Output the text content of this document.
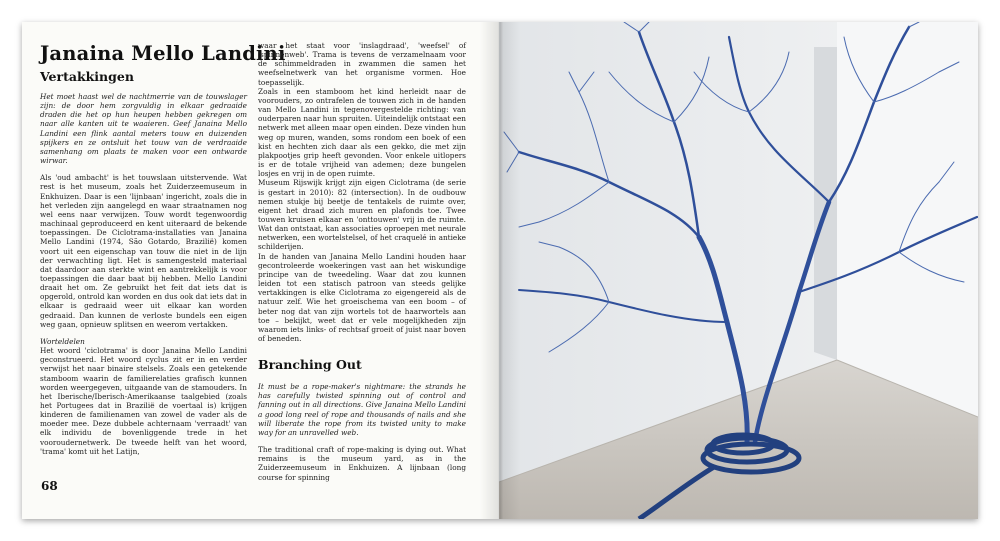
Janaina Mello Landini
Vertakkingen

Het moet haast wel de nachtmerrie van de touwslager zijn: de door hem zorgvuldig in elkaar gedraaide draden die het op hun heupen hebben gekregen om naar alle kanten uit te waaieren. Geef Janaina Mello Landini een flink aantal meters touw en duizenden spijkers en ze ontsluit het touw van de verdraaide samenhang om plaats te maken voor een ontwarde wirwar.

Als 'oud ambacht' is het touwslaan uitstervende. Wat rest is het museum, zoals het Zuiderzeemuseum in Enkhuizen. Daar is een 'lijnbaan' ingericht, zoals die in het verleden zijn aangelegd en waar straatnamen nog wel eens naar verwijzen. Touw wordt tegenwoordig machinaal geproduceerd en kent uiteraard de bekende toepassingen. De Ciclotrama-installaties van Janaina Mello Landini (1974, São Gotardo, Brazilië) komen voort uit een eigenschap van touw die niet in de lijn der verwachting ligt. Het is samengesteld materiaal dat daardoor aan sterkte wint en aantrekkelijk is voor toepassingen die daar baat bij hebben. Mello Landini draait het om. Ze gebruikt het feit dat iets dat is opgerold, ontrold kan worden en dus ook dat iets dat in elkaar is gedraaid weer uit elkaar kan worden gedraaid. Dan kunnen de verloste bundels een eigen weg gaan, opnieuw splitsen en weerom vertakken.

Worteldelen

Het woord 'ciclotrama' is door Janaina Mello Landini geconstrueerd. Het woord cyclus zit er in en verder verwijst het naar binaire stelsels. Zoals een getekende stamboom waarin de familierelaties grafisch kunnen worden weergegeven, uitgaande van de stamouders. In het Iberische/Iberisch-Amerikaanse taalgebied (zoals het Portugees dat in Brazilië de voertaal is) krijgen kinderen de familienamen van zowel de vader als de moeder mee. Deze dubbele achternaam 'verraadt' van elk individu de bovenliggende trede in het vooroudernetwerk. De tweede helft van het woord, 'trama' komt uit het Latijn,

waar het staat voor 'inslagdraad', 'weefsel' of 'spinnenweb'. Trama is tevens de verzamelnaam voor de schimmeldraden in zwammen die samen het weefselnetwerk van het organisme vormen. Hoe toepasselijk.

Zoals in een stamboom het kind herleidt naar de voorouders, zo ontrafelen de touwen zich in de handen van Mello Landini in tegenovergestelde richting: van ouderparen naar hun spruiten. Uiteindelijk ontstaat een netwerk met alleen maar open einden. Deze vinden hun weg op muren, wanden, soms rondom een boek of een kist en hechten zich daar als een gekko, die met zijn plakpootjes grip heeft gevonden. Voor enkele uitlopers is er de totale vrijheid van ademen; deze bungelen losjes en vrij in de open ruimte.

Museum Rijswijk krijgt zijn eigen Ciclotrama (de serie is gestart in 2010): 82 (intersection). In de oudbouw nemen stukje bij beetje de tentakels de ruimte over, eigent het draad zich muren en plafonds toe. Twee touwen kruisen elkaar en 'onttouwen' vrij in de ruimte. Wat dan ontstaat, kan associaties oproepen met neurale netwerken, een wortelstelsel, of het craquelé in antieke schilderijen.

In de handen van Janaina Mello Landini houden haar gecontroleerde woekeringen vast aan het wiskundige principe van de tweedeling. Waar dat zou kunnen leiden tot een statisch patroon van steeds gelijke vertakkingen is elke Ciclotrama zo eigengereid als de natuur zelf. Wie het groeischema van een boom – of beter nog dat van zijn wortels tot de haarwortels aan toe – bekijkt, weet dat er vele mogelijkheden zijn waarom iets links- of rechtsaf groeit of juist naar boven of beneden.

Branching Out

It must be a rope-maker's nightmare: the strands he has carefully twisted spinning out of control and fanning out in all directions. Give Janaina Mello Landini a good long reel of rope and thousands of nails and she will liberate the rope from its twisted unity to make way for an unravelled web.

The traditional craft of rope-making is dying out. What remains is the museum yard, as in the Zuiderzeemuseum in Enkhuizen. A lijnbaan (long course for spinning

68
